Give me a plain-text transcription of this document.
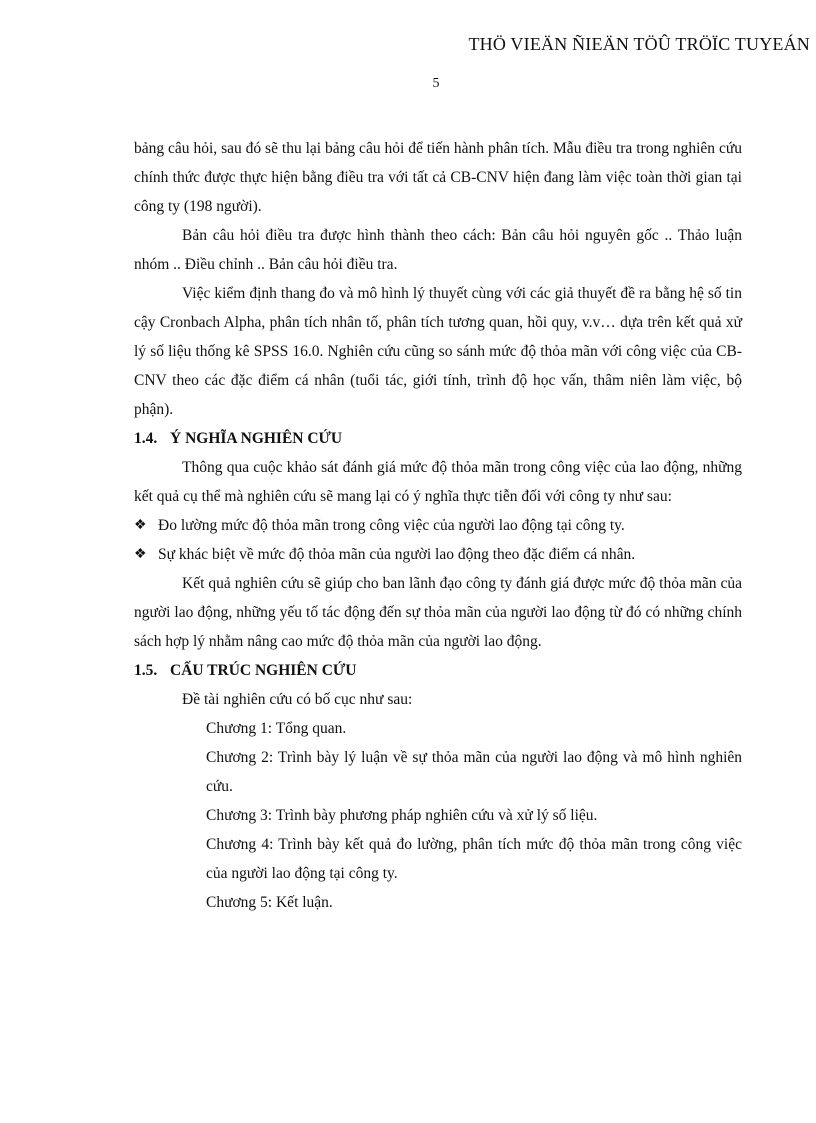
THÖ VIEÄN ÑIEÄN TÖÛ TRÖÏC TUYEÁN
5

bảng câu hỏi, sau đó sẽ thu lại bảng câu hỏi để tiến hành phân tích. Mẫu điều tra trong nghiên cứu chính thức được thực hiện bằng điều tra với tất cả CB-CNV hiện đang làm việc toàn thời gian tại công ty (198 người).

Bản câu hỏi điều tra được hình thành theo cách: Bản câu hỏi nguyên gốc .. Thảo luận nhóm .. Điều chỉnh .. Bản câu hỏi điều tra.

Việc kiểm định thang đo và mô hình lý thuyết cùng với các giả thuyết đề ra bằng hệ số tin cậy Cronbach Alpha, phân tích nhân tố, phân tích tương quan, hồi quy, v.v… dựa trên kết quả xử lý số liệu thống kê SPSS 16.0. Nghiên cứu cũng so sánh mức độ thỏa mãn với công việc của CB-CNV theo các đặc điểm cá nhân (tuổi tác, giới tính, trình độ học vấn, thâm niên làm việc, bộ phận).

1.4. Ý NGHĨA NGHIÊN CỨU

Thông qua cuộc khảo sát đánh giá mức độ thỏa mãn trong công việc của lao động, những kết quả cụ thể mà nghiên cứu sẽ mang lại có ý nghĩa thực tiễn đối với công ty như sau:

❖ Đo lường mức độ thỏa mãn trong công việc của người lao động tại công ty.

❖ Sự khác biệt về mức độ thỏa mãn của người lao động theo đặc điểm cá nhân.

Kết quả nghiên cứu sẽ giúp cho ban lãnh đạo công ty đánh giá được mức độ thỏa mãn của người lao động, những yếu tố tác động đến sự thỏa mãn của người lao động từ đó có những chính sách hợp lý nhằm nâng cao mức độ thỏa mãn của người lao động.

1.5. CẤU TRÚC NGHIÊN CỨU

Đề tài nghiên cứu có bố cục như sau:

Chương 1: Tổng quan.

Chương 2: Trình bày lý luận về sự thỏa mãn của người lao động và mô hình nghiên cứu.

Chương 3: Trình bày phương pháp nghiên cứu và xử lý số liệu.

Chương 4: Trình bày kết quả đo lường, phân tích mức độ thỏa mãn trong công việc của người lao động tại công ty.

Chương 5: Kết luận.
